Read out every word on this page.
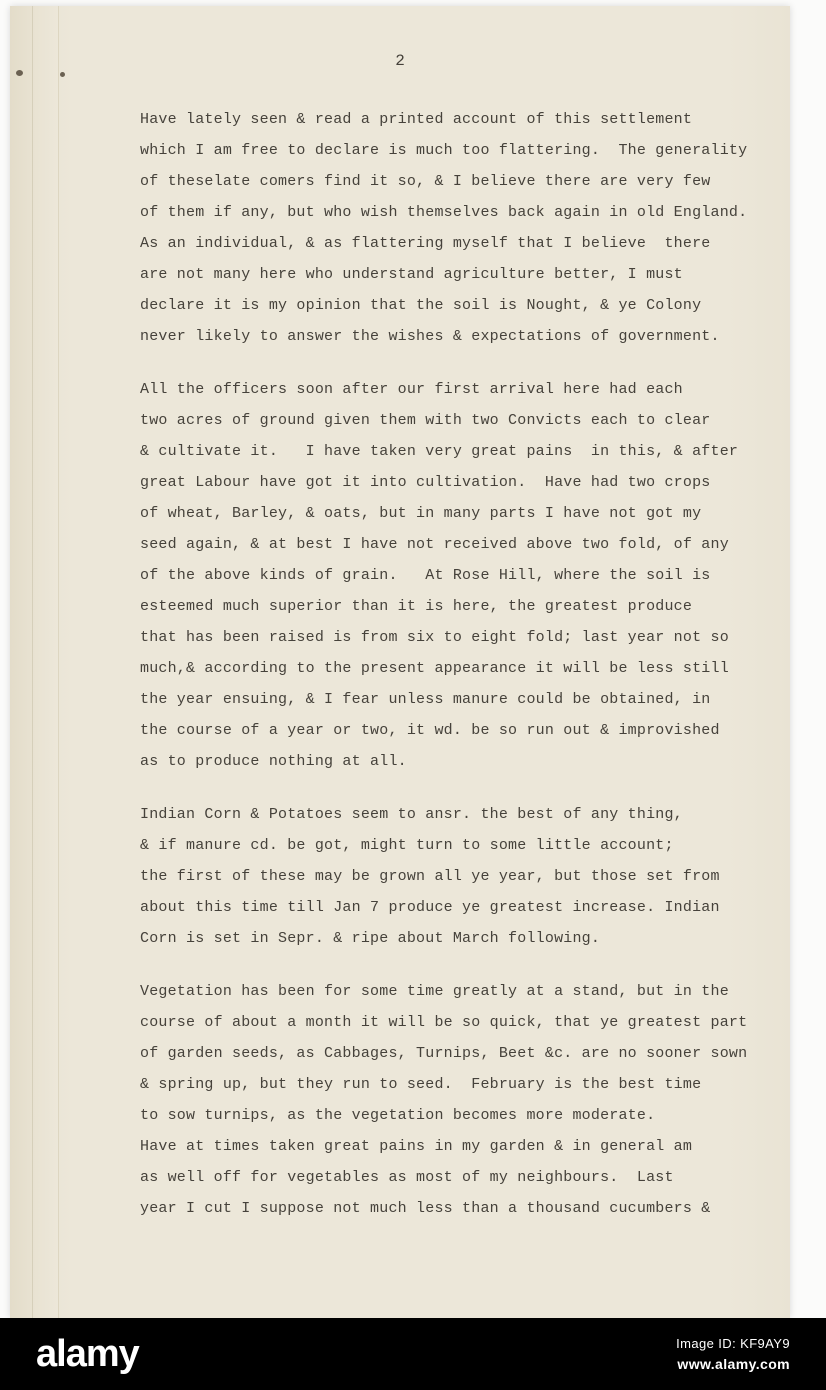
2
Have lately seen & read a printed account of this settlement
which I am free to declare is much too flattering.  The generality
of theselate comers find it so, & I believe there are very few
of them if any, but who wish themselves back again in old England.
As an individual, & as flattering myself that I believe  there
are not many here who understand agriculture better, I must
declare it is my opinion that the soil is Nought, & ye Colony
never likely to answer the wishes & expectations of government.
All the officers soon after our first arrival here had each
two acres of ground given them with two Convicts each to clear
& cultivate it.   I have taken very great pains  in this, & after
great Labour have got it into cultivation.  Have had two crops
of wheat, Barley, & oats, but in many parts I have not got my
seed again, & at best I have not received above two fold, of any
of the above kinds of grain.   At Rose Hill, where the soil is
esteemed much superior than it is here, the greatest produce
that has been raised is from six to eight fold; last year not so
much,& according to the present appearance it will be less still
the year ensuing, & I fear unless manure could be obtained, in
the course of a year or two, it wd. be so run out & improvished
as to produce nothing at all.
Indian Corn & Potatoes seem to ansr. the best of any thing,
& if manure cd. be got, might turn to some little account;
the first of these may be grown all ye year, but those set from
about this time till Jan 7 produce ye greatest increase. Indian
Corn is set in Sepr. & ripe about March following.
Vegetation has been for some time greatly at a stand, but in the
course of about a month it will be so quick, that ye greatest part
of garden seeds, as Cabbages, Turnips, Beet &c. are no sooner sown
& spring up, but they run to seed.  February is the best time
to sow turnips, as the vegetation becomes more moderate.
Have at times taken great pains in my garden & in general am
as well off for vegetables as most of my neighbours.  Last
year I cut I suppose not much less than a thousand cucumbers &
alamy	Image ID: KF9AY9
www.alamy.com
